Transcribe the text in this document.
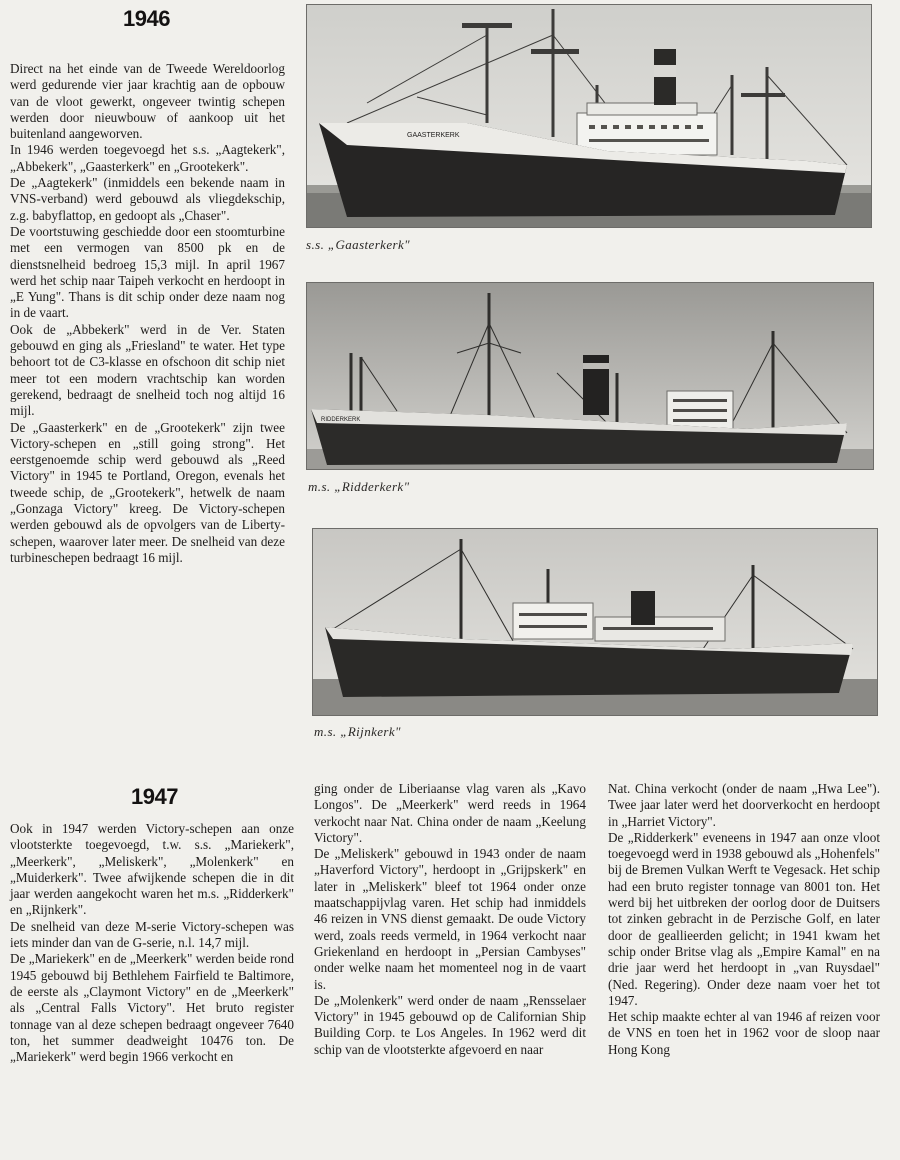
1946

Direct na het einde van de Tweede Wereldoorlog werd gedurende vier jaar krachtig aan de opbouw van de vloot gewerkt, ongeveer twintig schepen werden door nieuwbouw of aankoop uit het buitenland aangeworven.

In 1946 werden toegevoegd het s.s. „Aagtekerk", „Abbekerk", „Gaasterkerk" en „Grootekerk".

De „Aagtekerk" (inmiddels een bekende naam in VNS-verband) werd gebouwd als vliegdekschip, z.g. babyflattop, en gedoopt als „Chaser".

De voortstuwing geschiedde door een stoomturbine met een vermogen van 8500 pk en de dienstsnelheid bedroeg 15,3 mijl. In april 1967 werd het schip naar Taipeh verkocht en herdoopt in „E Yung". Thans is dit schip onder deze naam nog in de vaart.

Ook de „Abbekerk" werd in de Ver. Staten gebouwd en ging als „Friesland" te water. Het type behoort tot de C3-klasse en ofschoon dit schip niet meer tot een modern vrachtschip kan worden gerekend, bedraagt de snelheid toch nog altijd 16 mijl.

De „Gaasterkerk" en de „Grootekerk" zijn twee Victory-schepen en „still going strong". Het eerstgenoemde schip werd gebouwd als „Reed Victory" in 1945 te Portland, Oregon, evenals het tweede schip, de „Grootekerk", hetwelk de naam „Gonzaga Victory" kreeg. De Victory-schepen werden gebouwd als de opvolgers van de Liberty-schepen, waarover later meer. De snelheid van deze turbineschepen bedraagt 16 mijl.

GAASTERKERK
s.s. „Gaasterkerk"
RIDDERKERK
m.s. „Ridderkerk"
m.s. „Rijnkerk"
1947

Ook in 1947 werden Victory-schepen aan onze vlootsterkte toegevoegd, t.w. s.s. „Mariekerk", „Meerkerk", „Meliskerk", „Molenkerk" en „Muiderkerk". Twee afwijkende schepen die in dit jaar werden aangekocht waren het m.s. „Ridderkerk" en „Rijnkerk".

De snelheid van deze M-serie Victory-schepen was iets minder dan van de G-serie, n.l. 14,7 mijl.

De „Mariekerk" en de „Meerkerk" werden beide rond 1945 gebouwd bij Bethlehem Fairfield te Baltimore, de eerste als „Claymont Victory" en de „Meerkerk" als „Central Falls Victory". Het bruto register tonnage van al deze schepen bedraagt ongeveer 7640 ton, het summer deadweight 10476 ton. De „Mariekerk" werd begin 1966 verkocht en

ging onder de Liberiaanse vlag varen als „Kavo Longos". De „Meerkerk" werd reeds in 1964 verkocht naar Nat. China onder de naam „Keelung Victory".

De „Meliskerk" gebouwd in 1943 onder de naam „Haverford Victory", herdoopt in „Grijpskerk" en later in „Meliskerk" bleef tot 1964 onder onze maatschappijvlag varen. Het schip had inmiddels 46 reizen in VNS dienst gemaakt. De oude Victory werd, zoals reeds vermeld, in 1964 verkocht naar Griekenland en herdoopt in „Persian Cambyses" onder welke naam het momenteel nog in de vaart is.

De „Molenkerk" werd onder de naam „Rensselaer Victory" in 1945 gebouwd op de Californian Ship Building Corp. te Los Angeles. In 1962 werd dit schip van de vlootsterkte afgevoerd en naar

Nat. China verkocht (onder de naam „Hwa Lee"). Twee jaar later werd het doorverkocht en herdoopt in „Harriet Victory".

De „Ridderkerk" eveneens in 1947 aan onze vloot toegevoegd werd in 1938 gebouwd als „Hohenfels" bij de Bremen Vulkan Werft te Vegesack. Het schip had een bruto register tonnage van 8001 ton. Het werd bij het uitbreken der oorlog door de Duitsers tot zinken gebracht in de Perzische Golf, en later door de geallieerden gelicht; in 1941 kwam het schip onder Britse vlag als „Empire Kamal" en na drie jaar werd het herdoopt in „van Ruysdael" (Ned. Regering). Onder deze naam voer het tot 1947.

Het schip maakte echter al van 1946 af reizen voor de VNS en toen het in 1962 voor de sloop naar Hong Kong
